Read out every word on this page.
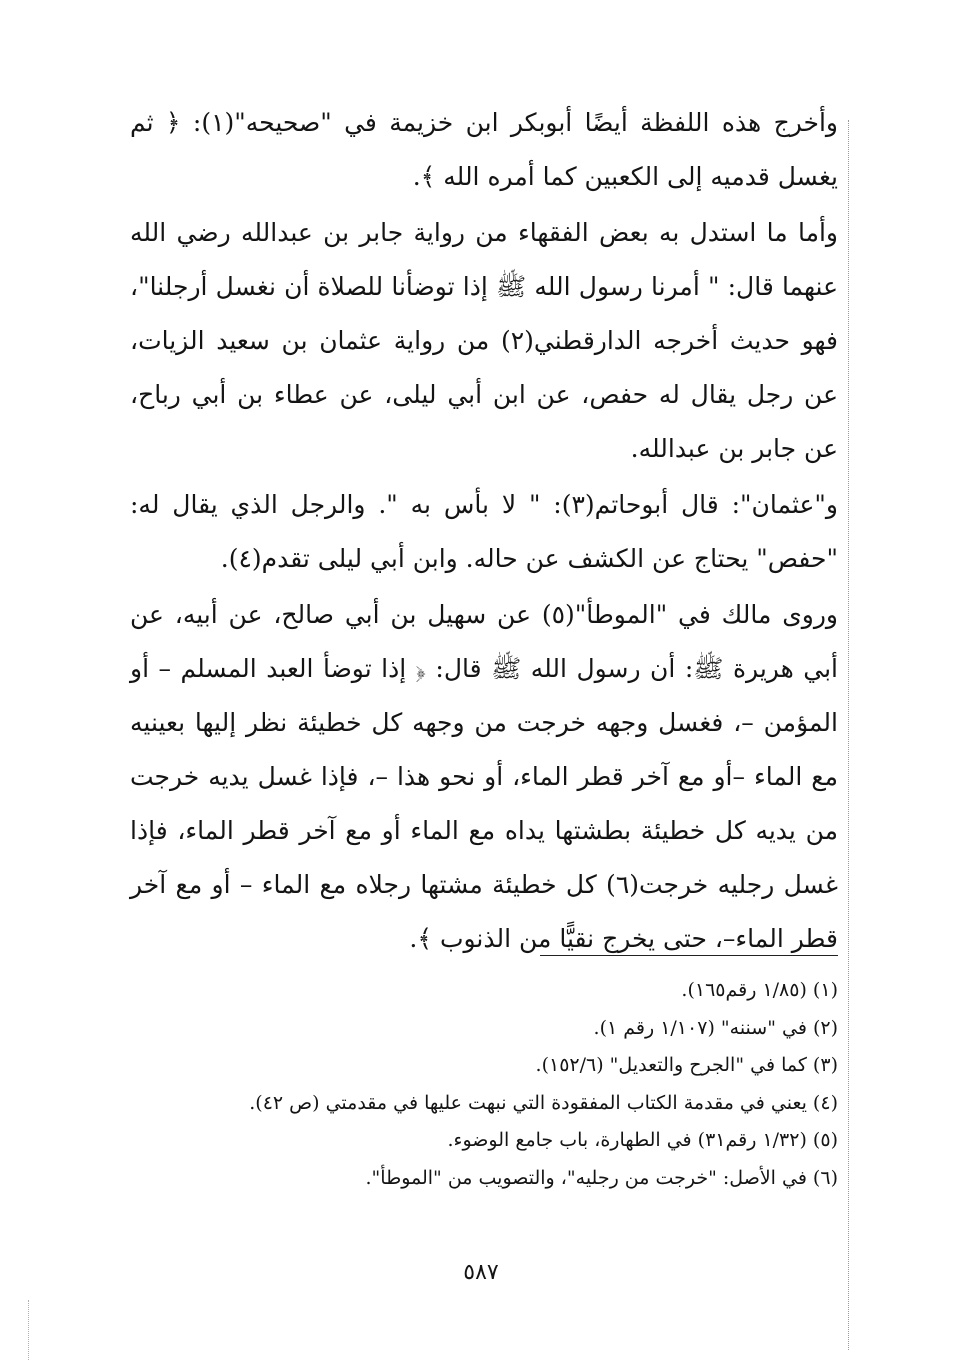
وأخرج هذه اللفظة أيضًا أبوبكر ابن خزيمة في "صحيحه"(١): ﴿ ثم يغسل قدميه إلى الكعبين كما أمره الله ﴾.

وأما ما استدل به بعض الفقهاء من رواية جابر بن عبدالله رضي الله عنهما قال: " أمرنا رسول الله ﷺ إذا توضأنا للصلاة أن نغسل أرجلنا"، فهو حديث أخرجه الدارقطني(٢) من رواية عثمان بن سعيد الزيات، عن رجل يقال له حفص، عن ابن أبي ليلى، عن عطاء بن أبي رباح، عن جابر بن عبدالله.

و"عثمان": قال أبوحاتم(٣): " لا بأس به ". والرجل الذي يقال له: "حفص" يحتاج عن الكشف عن حاله. وابن أبي ليلى تقدم(٤).

وروى مالك في "الموطأ"(٥) عن سهيل بن أبي صالح، عن أبيه، عن أبي هريرة ﷺ: أن رسول الله ﷺ قال: ﴿ إذا توضأ العبد المسلم – أو المؤمن –، فغسل وجهه خرجت من وجهه كل خطيئة نظر إليها بعينيه مع الماء –أو مع آخر قطر الماء، أو نحو هذا –، فإذا غسل يديه خرجت من يديه كل خطيئة بطشتها يداه مع الماء أو مع آخر قطر الماء، فإذا غسل رجليه خرجت(٦) كل خطيئة مشتها رجلاه مع الماء – أو مع آخر قطر الماء–، حتى يخرج نقيًّا من الذنوب ﴾.

(١) (١/٨٥ رقم١٦٥).

(٢) في "سننه" (١/١٠٧ رقم ١).

(٣) كما في "الجرح والتعديل" (١٥٢/٦).

(٤) يعني في مقدمة الكتاب المفقودة التي نبهت عليها في مقدمتي (ص ٤٢).

(٥) (١/٣٢ رقم٣١) في الطهارة، باب جامع الوضوء.

(٦) في الأصل: "خرجت من رجليه"، والتصويب من "الموطأ".

٥٨٧
